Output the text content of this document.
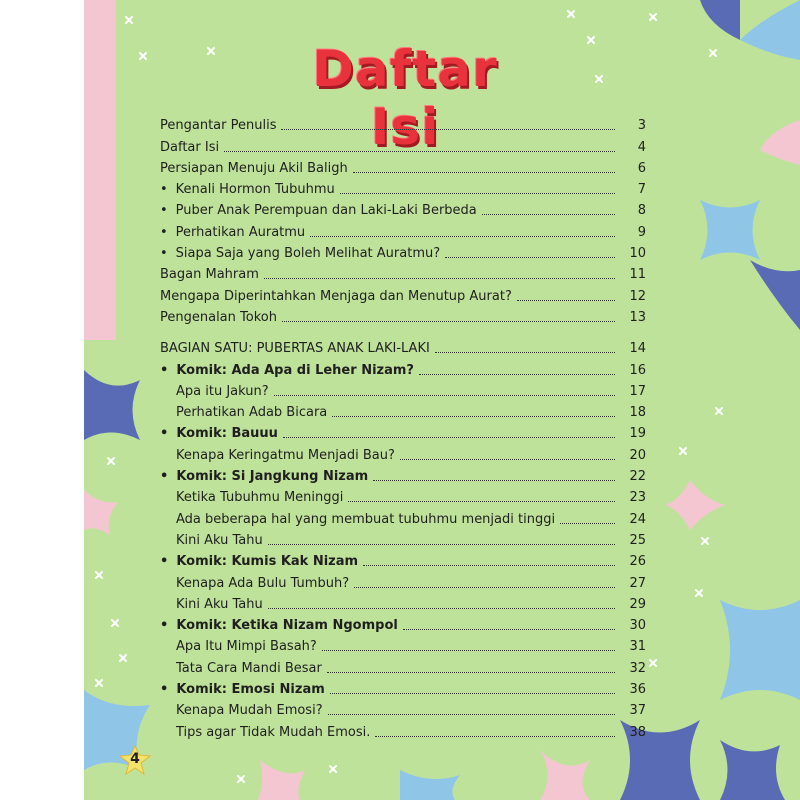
Daftar Isi
Pengantar Penulis	3
Daftar Isi	4
Persiapan Menuju Akil Baligh	6
• Kenali Hormon Tubuhmu	7
• Puber Anak Perempuan dan Laki-Laki Berbeda	8
• Perhatikan Auratmu	9
• Siapa Saja yang Boleh Melihat Auratmu?	10
Bagan Mahram	11
Mengapa Diperintahkan Menjaga dan Menutup Aurat?	12
Pengenalan Tokoh	13
BAGIAN SATU: PUBERTAS ANAK LAKI-LAKI	14
• Komik: Ada Apa di Leher Nizam?	16
Apa itu Jakun?	17
Perhatikan Adab Bicara	18
• Komik: Bauuu	19
Kenapa Keringatmu Menjadi Bau?	20
• Komik: Si Jangkung Nizam	22
Ketika Tubuhmu Meninggi	23
Ada beberapa hal yang membuat tubuhmu menjadi tinggi	24
Kini Aku Tahu	25
• Komik: Kumis Kak Nizam	26
Kenapa Ada Bulu Tumbuh?	27
Kini Aku Tahu	29
• Komik: Ketika Nizam Ngompol	30
Apa Itu Mimpi Basah?	31
Tata Cara Mandi Besar	32
• Komik: Emosi Nizam	36
Kenapa Mudah Emosi?	37
Tips agar Tidak Mudah Emosi.	38
4
